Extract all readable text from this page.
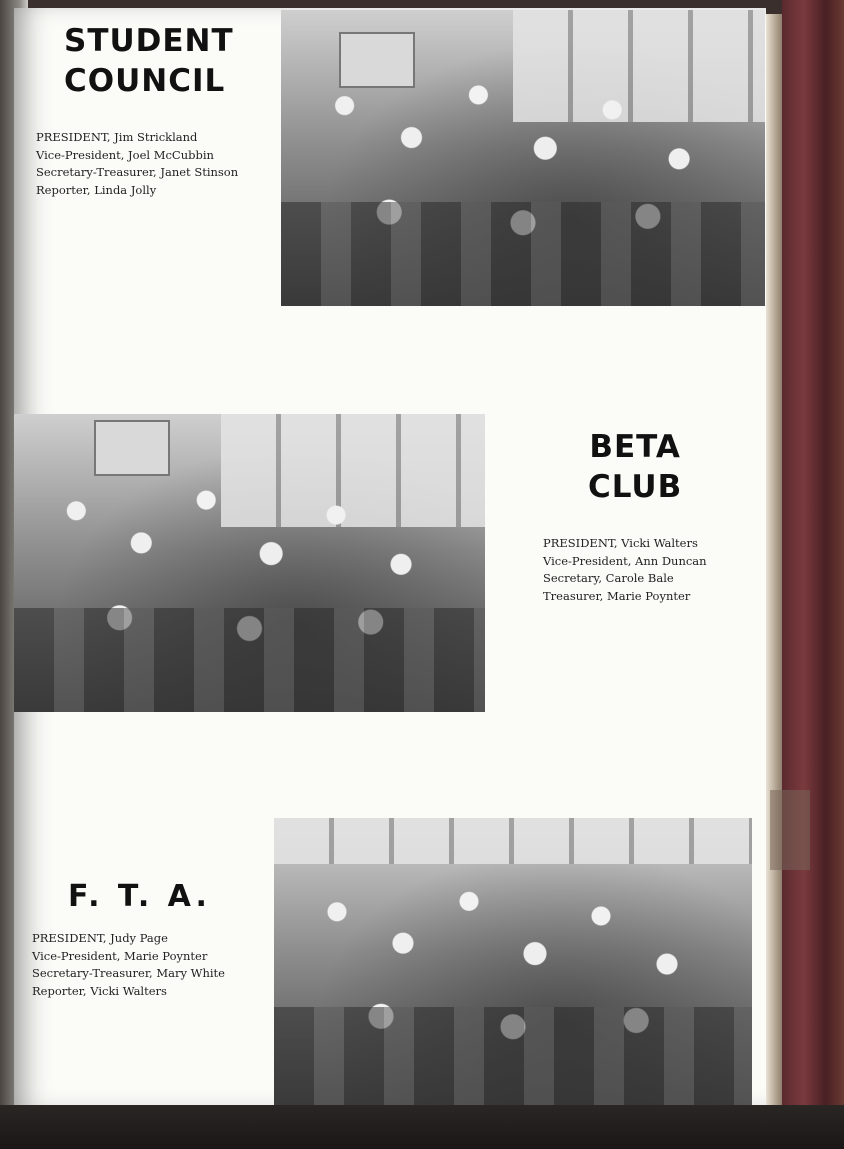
STUDENT
COUNCIL
PRESIDENT, Jim Strickland
Vice-President, Joel McCubbin
Secretary-Treasurer, Janet Stinson
Reporter, Linda Jolly
BETA
CLUB
PRESIDENT, Vicki Walters
Vice-President, Ann Duncan
Secretary, Carole Bale
Treasurer, Marie Poynter
F. T. A.
PRESIDENT, Judy Page
Vice-President, Marie Poynter
Secretary-Treasurer, Mary White
Reporter, Vicki Walters
